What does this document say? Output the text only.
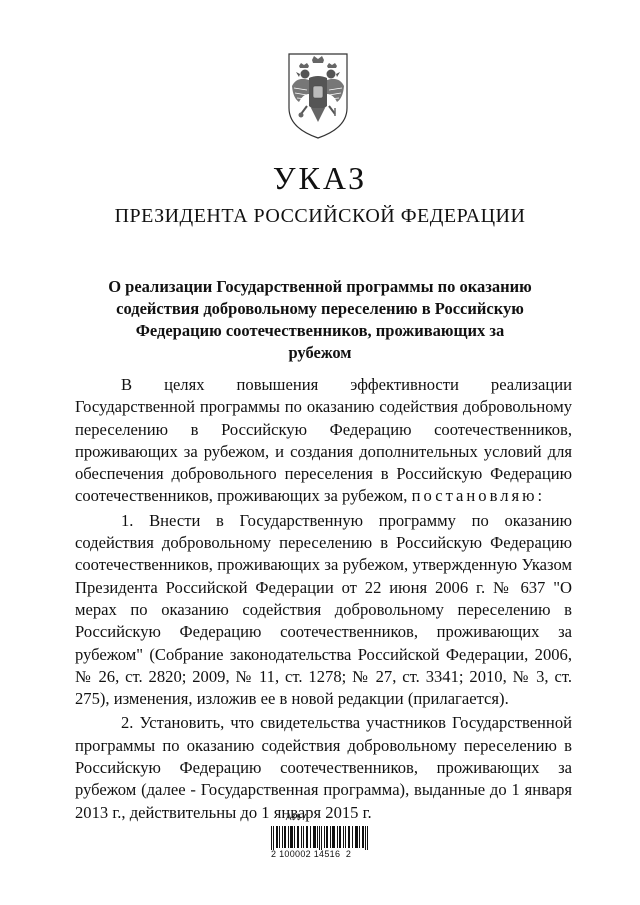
УКАЗ
ПРЕЗИДЕНТА РОССИЙСКОЙ ФЕДЕРАЦИИ
О реализации Государственной программы по оказанию содействия добровольному переселению в Российскую Федерацию соотечественников, проживающих за рубежом

В целях повышения эффективности реализации Государственной программы по оказанию содействия добровольному переселению в Российскую Федерацию соотечественников, проживающих за рубежом, и создания дополнительных условий для обеспечения добровольного переселения в Российскую Федерацию соотечественников, проживающих за рубежом, постановляю:

1. Внести в Государственную программу по оказанию содействия добровольному переселению в Российскую Федерацию соотечественников, проживающих за рубежом, утвержденную Указом Президента Российской Федерации от 22 июня 2006 г. № 637 "О мерах по оказанию содействия добровольному переселению в Российскую Федерацию соотечественников, проживающих за рубежом" (Собрание законодательства Российской Федерации, 2006, № 26, ст. 2820; 2009, № 11, ст. 1278; № 27, ст. 3341; 2010, № 3, ст. 275), изменения, изложив ее в новой редакции (прилагается).

2. Установить, что свидетельства участников Государственной программы по оказанию содействия добровольному переселению в Российскую Федерацию соотечественников, проживающих за рубежом (далее - Государственная программа), выданные до 1 января 2013 г., действительны до 1 января 2015 г.

2 100002 14516  2
